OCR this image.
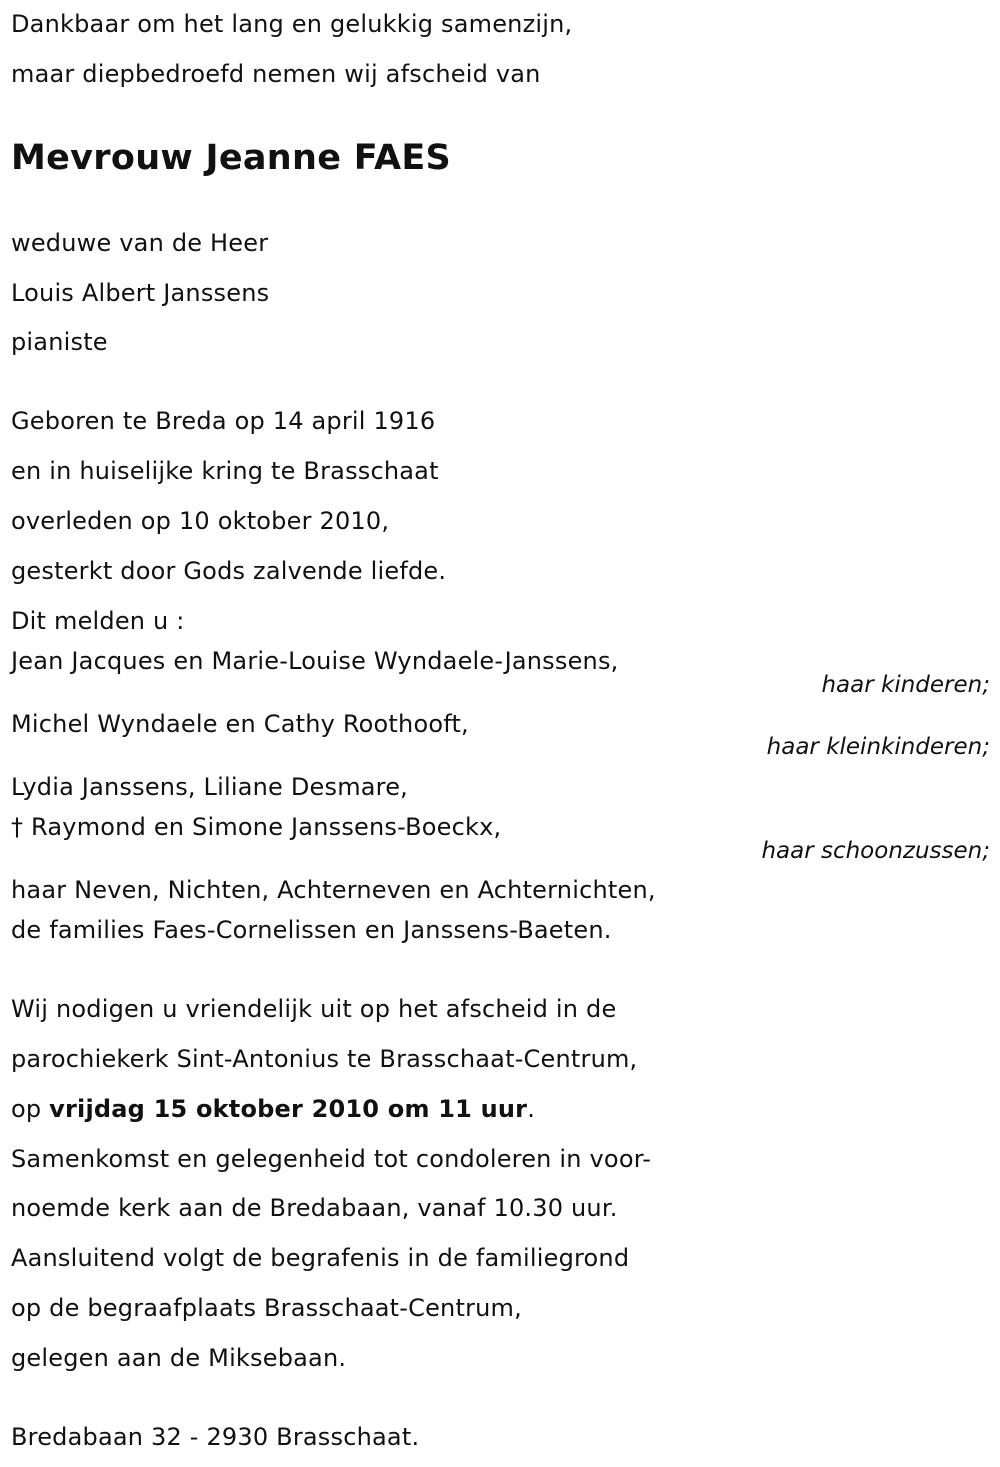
Dankbaar om het lang en gelukkig samenzijn,
maar diepbedroefd nemen wij afscheid van
Mevrouw Jeanne FAES
weduwe van de Heer
Louis Albert Janssens
pianiste
Geboren te Breda op 14 april 1916
en in huiselijke kring te Brasschaat
overleden op 10 oktober 2010,
gesterkt door Gods zalvende liefde.
Dit melden u :
Jean Jacques en Marie-Louise Wyndaele-Janssens,
haar kinderen;
Michel Wyndaele en Cathy Roothooft,
haar kleinkinderen;
Lydia Janssens, Liliane Desmare,
† Raymond en Simone Janssens-Boeckx,
haar schoonzussen;
haar Neven, Nichten, Achterneven en Achternichten,
de families Faes-Cornelissen en Janssens-Baeten.
Wij nodigen u vriendelijk uit op het afscheid in de
parochiekerk Sint-Antonius te Brasschaat-Centrum,
op vrijdag 15 oktober 2010 om 11 uur.
Samenkomst en gelegenheid tot condoleren in voor-
noemde kerk aan de Bredabaan, vanaf 10.30 uur.
Aansluitend volgt de begrafenis in de familiegrond
op de begraafplaats Brasschaat-Centrum,
gelegen aan de Miksebaan.
Bredabaan 32 - 2930 Brasschaat.
